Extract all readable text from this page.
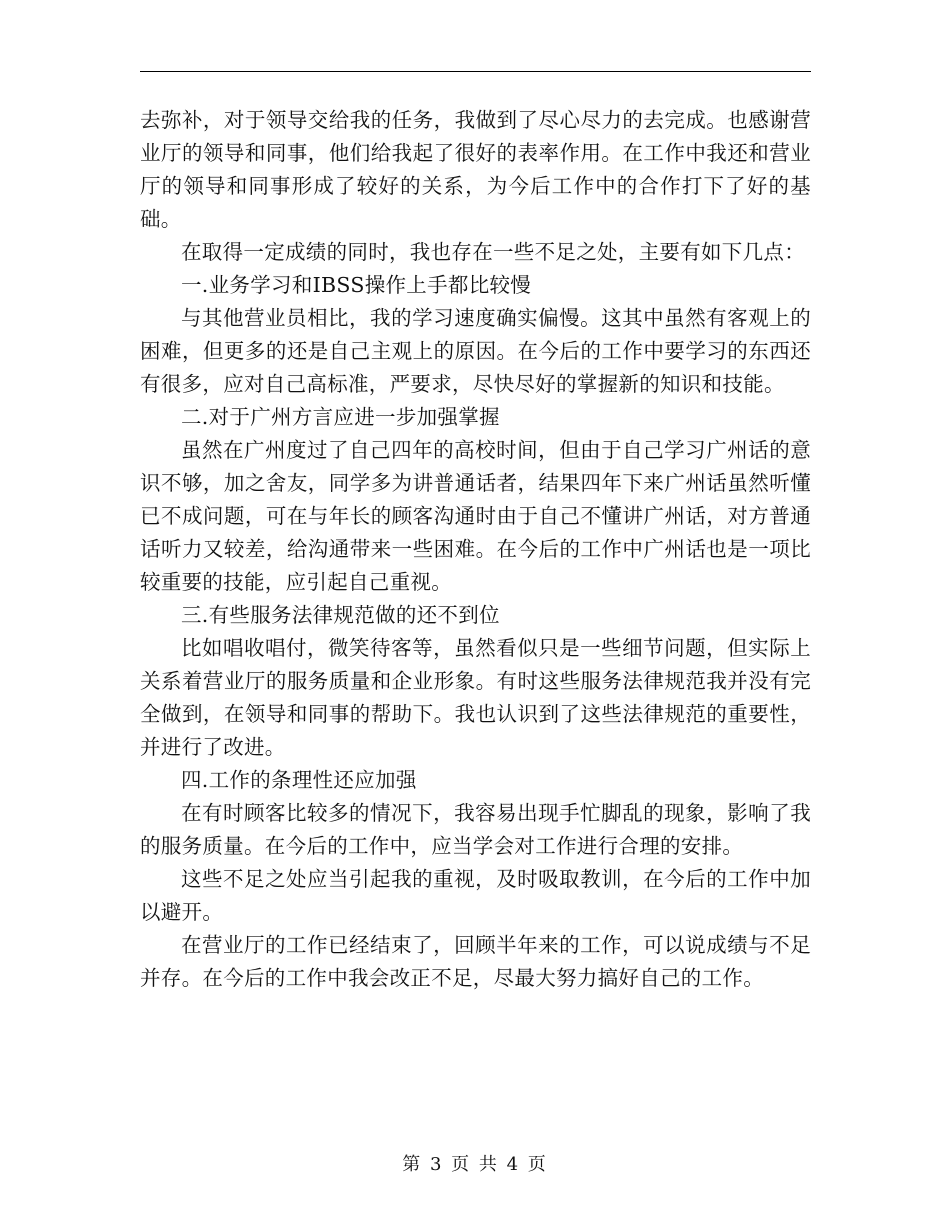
去弥补，对于领导交给我的任务，我做到了尽心尽力的去完成。也感谢营业厅的领导和同事，他们给我起了很好的表率作用。在工作中我还和营业厅的领导和同事形成了较好的关系，为今后工作中的合作打下了好的基础。

在取得一定成绩的同时，我也存在一些不足之处，主要有如下几点：

一.业务学习和IBSS操作上手都比较慢

与其他营业员相比，我的学习速度确实偏慢。这其中虽然有客观上的困难，但更多的还是自己主观上的原因。在今后的工作中要学习的东西还有很多，应对自己高标准，严要求，尽快尽好的掌握新的知识和技能。

二.对于广州方言应进一步加强掌握

虽然在广州度过了自己四年的高校时间，但由于自己学习广州话的意识不够，加之舍友，同学多为讲普通话者，结果四年下来广州话虽然听懂已不成问题，可在与年长的顾客沟通时由于自己不懂讲广州话，对方普通话听力又较差，给沟通带来一些困难。在今后的工作中广州话也是一项比较重要的技能，应引起自己重视。

三.有些服务法律规范做的还不到位

比如唱收唱付，微笑待客等，虽然看似只是一些细节问题，但实际上关系着营业厅的服务质量和企业形象。有时这些服务法律规范我并没有完全做到，在领导和同事的帮助下。我也认识到了这些法律规范的重要性，并进行了改进。

四.工作的条理性还应加强

在有时顾客比较多的情况下，我容易出现手忙脚乱的现象，影响了我的服务质量。在今后的工作中，应当学会对工作进行合理的安排。

这些不足之处应当引起我的重视，及时吸取教训，在今后的工作中加以避开。

在营业厅的工作已经结束了，回顾半年来的工作，可以说成绩与不足并存。在今后的工作中我会改正不足，尽最大努力搞好自己的工作。

第 3 页 共 4 页
